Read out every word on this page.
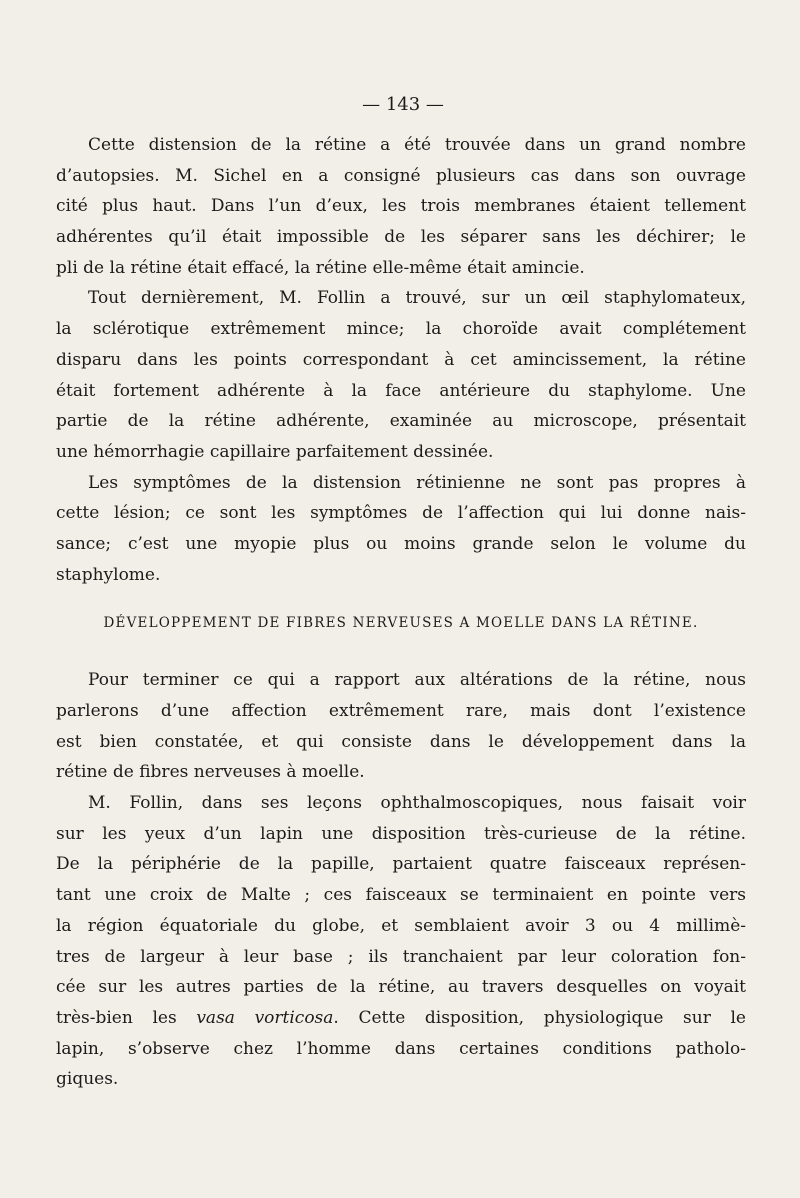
— 143 —
Cette distension de la rétine a été trouvée dans un grand nombre
d’autopsies. M. Sichel en a consigné plusieurs cas dans son ouvrage
cité plus haut. Dans l’un d’eux, les trois membranes étaient tellement
adhérentes qu’il était impossible de les séparer sans les déchirer; le
pli de la rétine était effacé, la rétine elle-même était amincie.
Tout dernièrement, M. Follin a trouvé, sur un œil staphylomateux,
la sclérotique extrêmement mince; la choroïde avait complétement
disparu dans les points correspondant à cet amincissement, la rétine
était fortement adhérente à la face antérieure du staphylome. Une
partie de la rétine adhérente, examinée au microscope, présentait
une hémorrhagie capillaire parfaitement dessinée.
Les symptômes de la distension rétinienne ne sont pas propres à
cette lésion; ce sont les symptômes de l’affection qui lui donne nais-
sance; c’est une myopie plus ou moins grande selon le volume du
staphylome.
DÉVELOPPEMENT DE FIBRES NERVEUSES A MOELLE DANS LA RÉTINE.
Pour terminer ce qui a rapport aux altérations de la rétine, nous
parlerons d’une affection extrêmement rare, mais dont l’existence
est bien constatée, et qui consiste dans le développement dans la
rétine de fibres nerveuses à moelle.
M. Follin, dans ses leçons ophthalmoscopiques, nous faisait voir
sur les yeux d’un lapin une disposition très-curieuse de la rétine.
De la périphérie de la papille, partaient quatre faisceaux représen-
tant une croix de Malte ; ces faisceaux se terminaient en pointe vers
la région équatoriale du globe, et semblaient avoir 3 ou 4 millimè-
tres de largeur à leur base ; ils tranchaient par leur coloration fon-
cée sur les autres parties de la rétine, au travers desquelles on voyait
très-bien les vasa vorticosa. Cette disposition, physiologique sur le
lapin, s’observe chez l’homme dans certaines conditions patholo-
giques.
